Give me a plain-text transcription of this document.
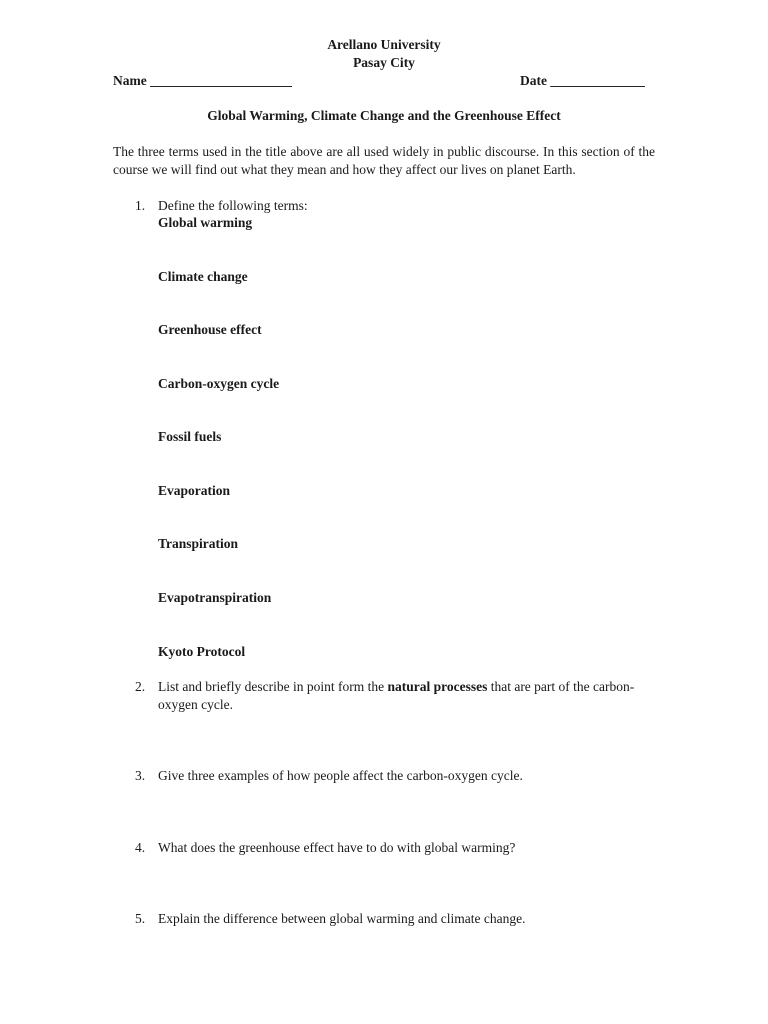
Arellano University
Pasay City
Name _____________________	Date ______________
Global Warming, Climate Change and the Greenhouse Effect
The three terms used in the title above are all used widely in public discourse. In this section of the course we will find out what they mean and how they affect our lives on planet Earth.
1. Define the following terms:
Global warming
Climate change
Greenhouse effect
Carbon-oxygen cycle
Fossil fuels
Evaporation
Transpiration
Evapotranspiration
Kyoto Protocol
2. List and briefly describe in point form the natural processes that are part of the carbon-oxygen cycle.
3. Give three examples of how people affect the carbon-oxygen cycle.
4. What does the greenhouse effect have to do with global warming?
5. Explain the difference between global warming and climate change.
